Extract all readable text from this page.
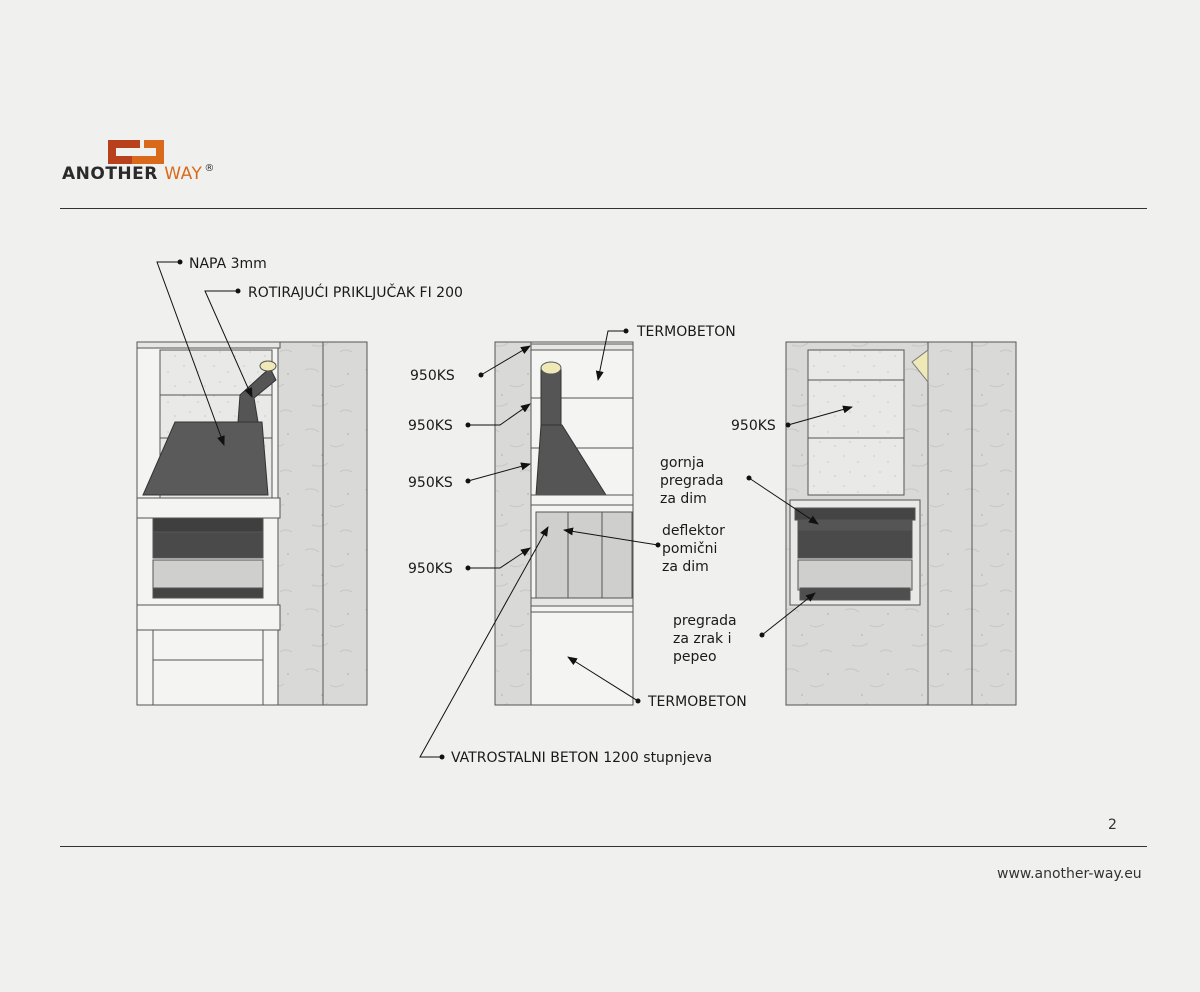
ANOTHER WAY ®
NAPA 3mm
ROTIRAJUĆI PRIKLJUČAK FI 200
TERMOBETON
950KS
950KS
950KS
950KS
950KS
gornja
pregrada
za dim
deflektor
pomični
za dim
pregrada
za zrak i
pepeo
TERMOBETON
VATROSTALNI BETON 1200 stupnjeva
2
www.another-way.eu
